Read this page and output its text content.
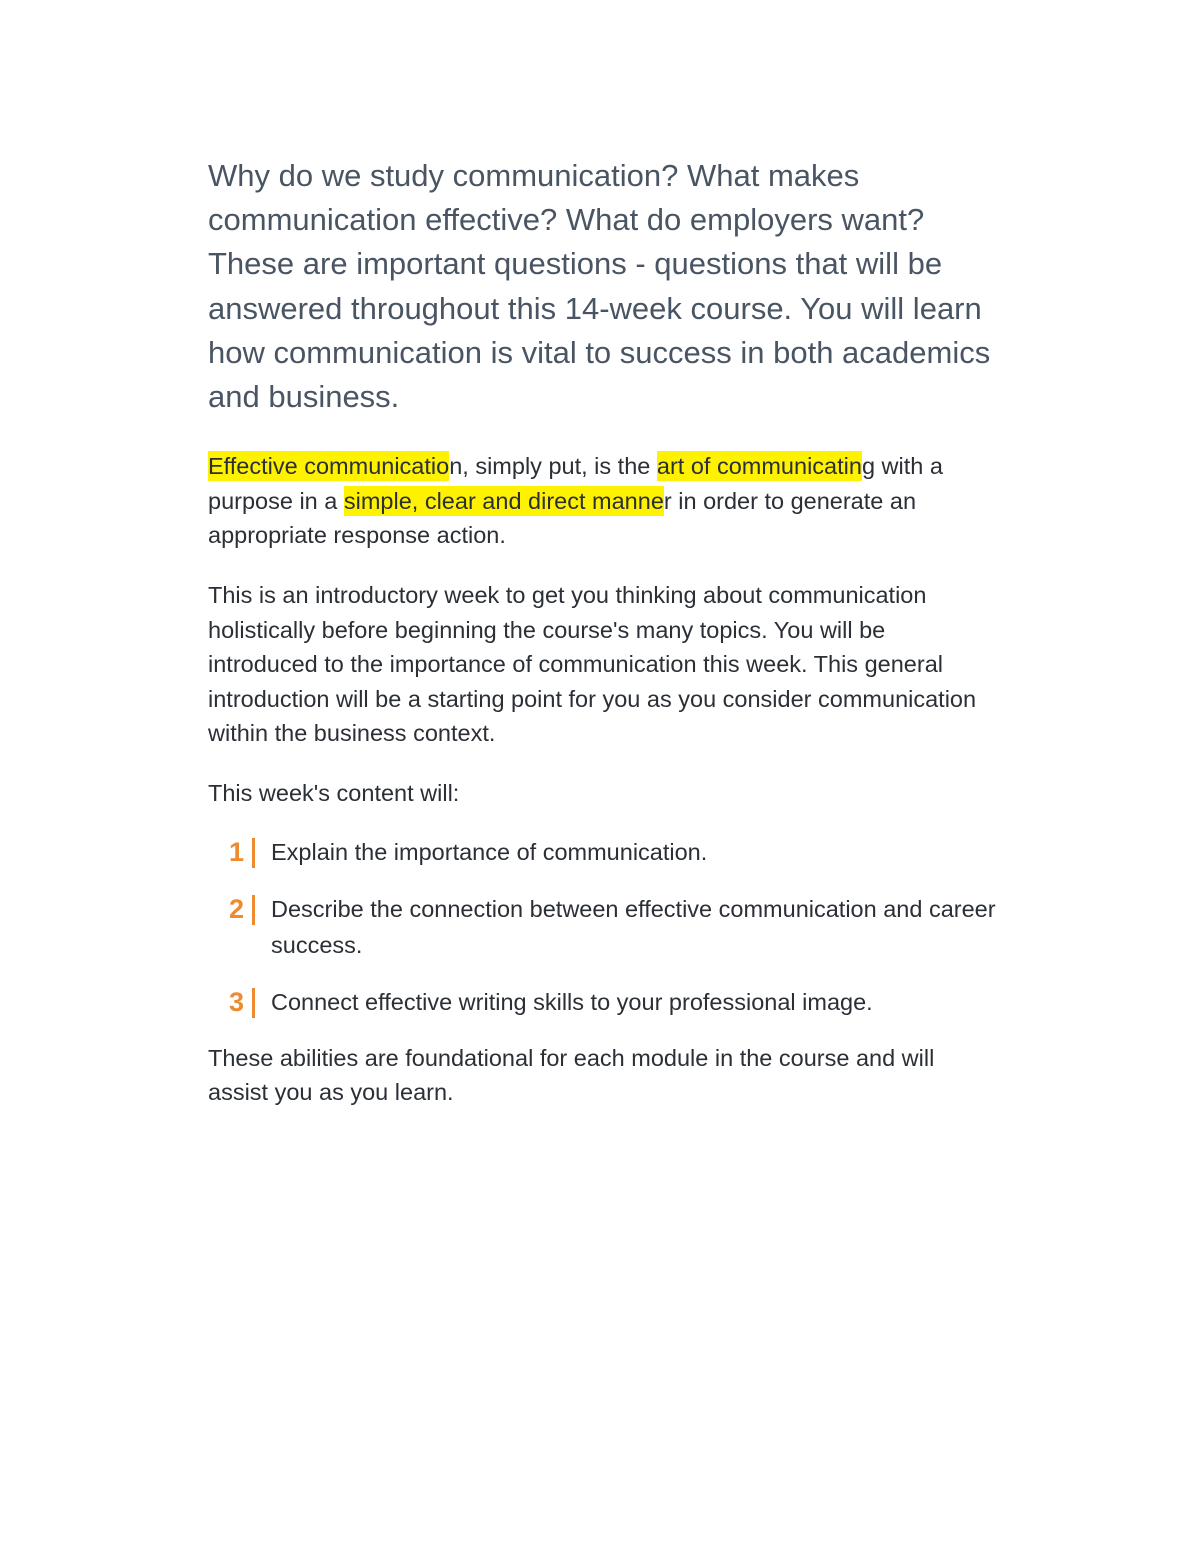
Why do we study communication? What makes communication effective? What do employers want? These are important questions - questions that will be answered throughout this 14-week course. You will learn how communication is vital to success in both academics and business.

Effective communication, simply put, is the art of communicating with a purpose in a simple, clear and direct manner in order to generate an appropriate response action.

This is an introductory week to get you thinking about communication holistically before beginning the course's many topics. You will be introduced to the importance of communication this week. This general introduction will be a starting point for you as you consider communication within the business context.

This week's content will:

1 Explain the importance of communication.
2 Describe the connection between effective communication and career success.
3 Connect effective writing skills to your professional image.

These abilities are foundational for each module in the course and will assist you as you learn.
